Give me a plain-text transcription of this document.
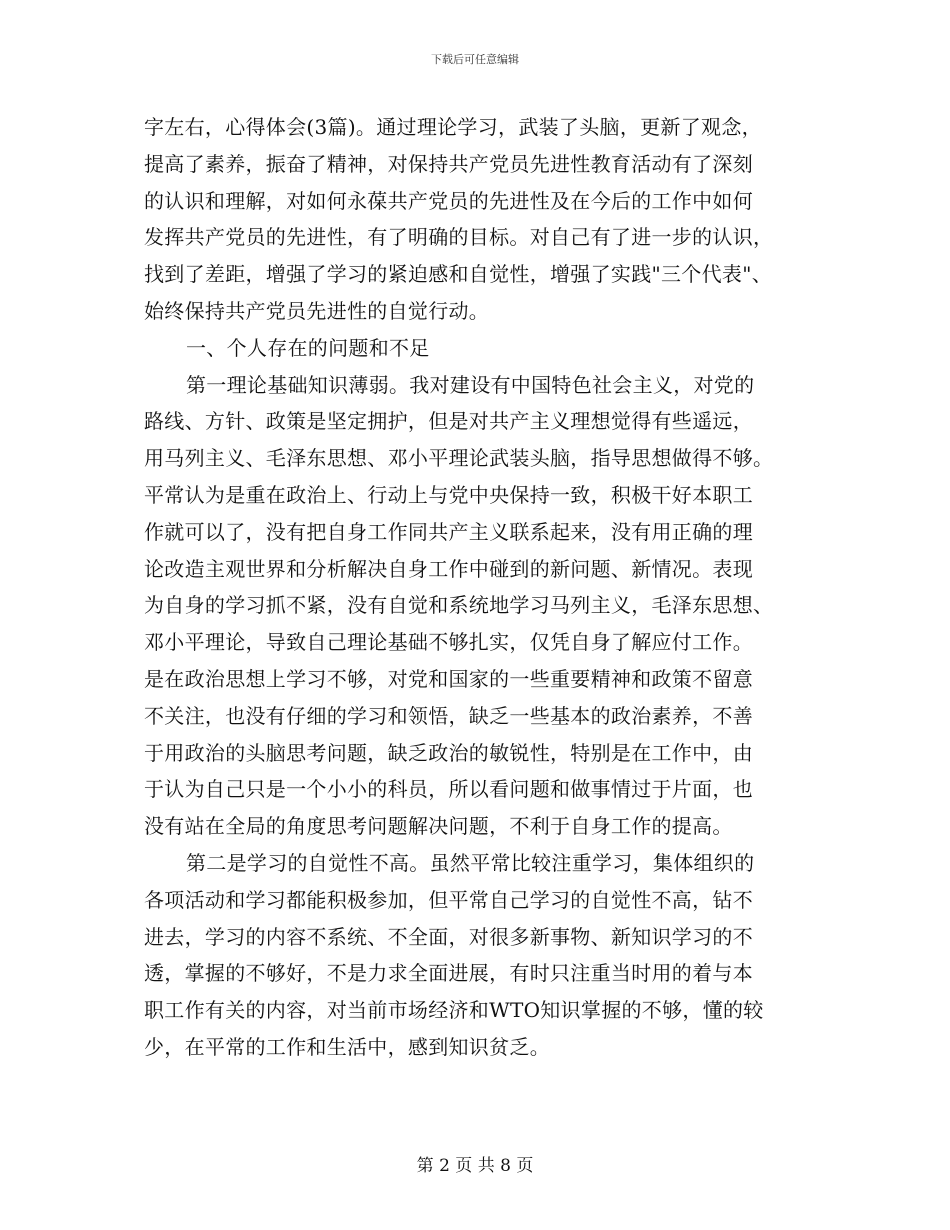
下载后可任意编辑
字左右，心得体会(3篇)。通过理论学习，武装了头脑，更新了观念，
提高了素养，振奋了精神，对保持共产党员先进性教育活动有了深刻
的认识和理解，对如何永葆共产党员的先进性及在今后的工作中如何
发挥共产党员的先进性，有了明确的目标。对自己有了进一步的认识，
找到了差距，增强了学习的紧迫感和自觉性，增强了实践"三个代表"、
始终保持共产党员先进性的自觉行动。
一、个人存在的问题和不足
第一理论基础知识薄弱。我对建设有中国特色社会主义，对党的
路线、方针、政策是坚定拥护，但是对共产主义理想觉得有些遥远，
用马列主义、毛泽东思想、邓小平理论武装头脑，指导思想做得不够。
平常认为是重在政治上、行动上与党中央保持一致，积极干好本职工
作就可以了，没有把自身工作同共产主义联系起来，没有用正确的理
论改造主观世界和分析解决自身工作中碰到的新问题、新情况。表现
为自身的学习抓不紧，没有自觉和系统地学习马列主义，毛泽东思想、
邓小平理论，导致自己理论基础不够扎实，仅凭自身了解应付工作。
是在政治思想上学习不够，对党和国家的一些重要精神和政策不留意
不关注，也没有仔细的学习和领悟，缺乏一些基本的政治素养，不善
于用政治的头脑思考问题，缺乏政治的敏锐性，特别是在工作中，由
于认为自己只是一个小小的科员，所以看问题和做事情过于片面，也
没有站在全局的角度思考问题解决问题，不利于自身工作的提高。
第二是学习的自觉性不高。虽然平常比较注重学习，集体组织的
各项活动和学习都能积极参加，但平常自己学习的自觉性不高，钻不
进去，学习的内容不系统、不全面，对很多新事物、新知识学习的不
透，掌握的不够好，不是力求全面进展，有时只注重当时用的着与本
职工作有关的内容，对当前市场经济和WTO知识掌握的不够，懂的较
少，在平常的工作和生活中，感到知识贫乏。
第 2 页 共 8 页
